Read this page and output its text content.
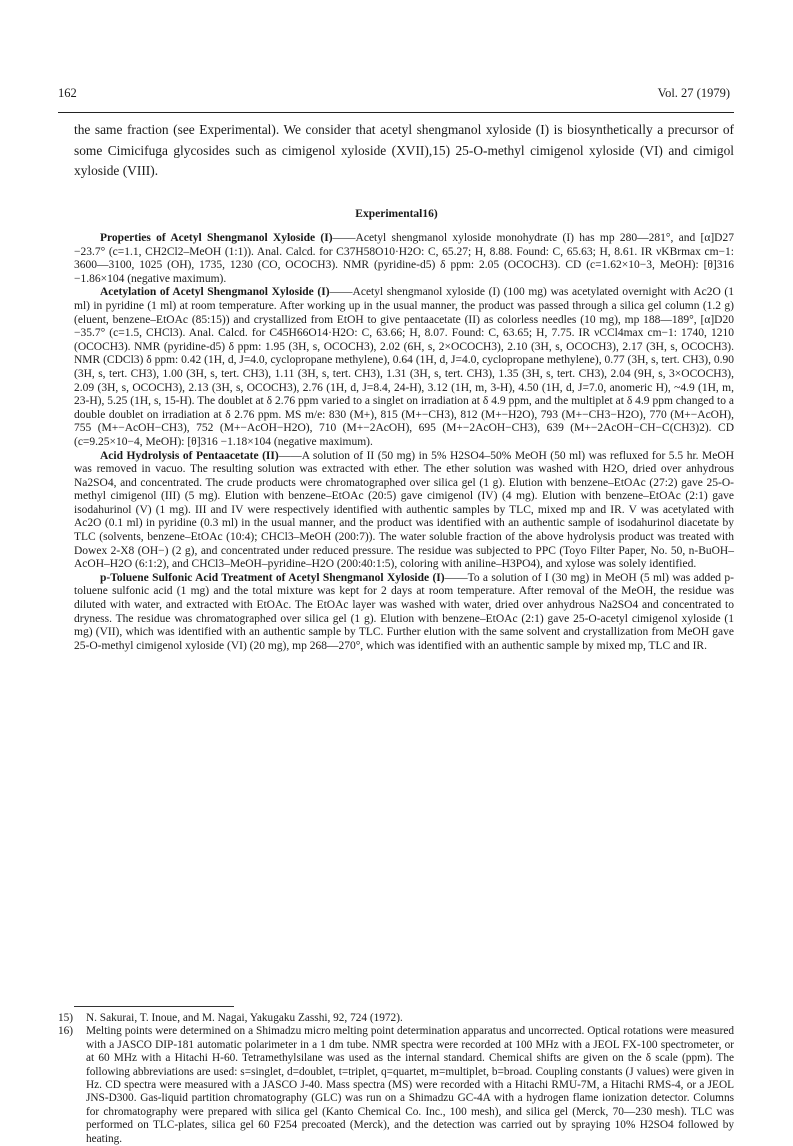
162	Vol. 27 (1979)

the same fraction (see Experimental). We consider that acetyl shengmanol xyloside (I) is biosynthetically a precursor of some Cimicifuga glycosides such as cimigenol xyloside (XVII),15) 25-O-methyl cimigenol xyloside (VI) and cimigol xyloside (VIII).

Experimental16)

Properties of Acetyl Shengmanol Xyloside (I)——Acetyl shengmanol xyloside monohydrate (I) has mp 280—281°, and [α]D27 −23.7° (c=1.1, CH2Cl2–MeOH (1:1)). Anal. Calcd. for C37H58O10·H2O: C, 65.27; H, 8.88. Found: C, 65.63; H, 8.61. IR νKBrmax cm−1: 3600—3100, 1025 (OH), 1735, 1230 (CO, OCOCH3). NMR (pyridine-d5) δ ppm: 2.05 (OCOCH3). CD (c=1.62×10−3, MeOH): [θ]316 −1.86×104 (negative maximum).

Acetylation of Acetyl Shengmanol Xyloside (I)——Acetyl shengmanol xyloside (I) (100 mg) was acetylated overnight with Ac2O (1 ml) in pyridine (1 ml) at room temperature. After working up in the usual manner, the product was passed through a silica gel column (1.2 g) (eluent, benzene–EtOAc (85:15)) and crystallized from EtOH to give pentaacetate (II) as colorless needles (10 mg), mp 188—189°, [α]D20 −35.7° (c=1.5, CHCl3). Anal. Calcd. for C45H66O14·H2O: C, 63.66; H, 8.07. Found: C, 63.65; H, 7.75. IR νCCl4max cm−1: 1740, 1210 (OCOCH3). NMR (pyridine-d5) δ ppm: 1.95 (3H, s, OCOCH3), 2.02 (6H, s, 2×OCOCH3), 2.10 (3H, s, OCOCH3), 2.17 (3H, s, OCOCH3). NMR (CDCl3) δ ppm: 0.42 (1H, d, J=4.0, cyclopropane methylene), 0.64 (1H, d, J=4.0, cyclopropane methylene), 0.77 (3H, s, tert. CH3), 0.90 (3H, s, tert. CH3), 1.00 (3H, s, tert. CH3), 1.11 (3H, s, tert. CH3), 1.31 (3H, s, tert. CH3), 1.35 (3H, s, tert. CH3), 2.04 (9H, s, 3×OCOCH3), 2.09 (3H, s, OCOCH3), 2.13 (3H, s, OCOCH3), 2.76 (1H, d, J=8.4, 24-H), 3.12 (1H, m, 3-H), 4.50 (1H, d, J=7.0, anomeric H), ~4.9 (1H, m, 23-H), 5.25 (1H, s, 15-H). The doublet at δ 2.76 ppm varied to a singlet on irradiation at δ 4.9 ppm, and the multiplet at δ 4.9 ppm changed to a double doublet on irradiation at δ 2.76 ppm. MS m/e: 830 (M+), 815 (M+−CH3), 812 (M+−H2O), 793 (M+−CH3−H2O), 770 (M+−AcOH), 755 (M+−AcOH−CH3), 752 (M+−AcOH−H2O), 710 (M+−2AcOH), 695 (M+−2AcOH−CH3), 639 (M+−2AcOH−CH−C(CH3)2). CD (c=9.25×10−4, MeOH): [θ]316 −1.18×104 (negative maximum).

Acid Hydrolysis of Pentaacetate (II)——A solution of II (50 mg) in 5% H2SO4–50% MeOH (50 ml) was refluxed for 5.5 hr. MeOH was removed in vacuo. The resulting solution was extracted with ether. The ether solution was washed with H2O, dried over anhydrous Na2SO4, and concentrated. The crude products were chromatographed over silica gel (1 g). Elution with benzene–EtOAc (27:2) gave 25-O-methyl cimigenol (III) (5 mg). Elution with benzene–EtOAc (20:5) gave cimigenol (IV) (4 mg). Elution with benzene–EtOAc (2:1) gave isodahurinol (V) (1 mg). III and IV were respectively identified with authentic samples by TLC, mixed mp and IR. V was acetylated with Ac2O (0.1 ml) in pyridine (0.3 ml) in the usual manner, and the product was identified with an authentic sample of isodahurinol diacetate by TLC (solvents, benzene–EtOAc (10:4); CHCl3–MeOH (200:7)). The water soluble fraction of the above hydrolysis product was treated with Dowex 2-X8 (OH−) (2 g), and concentrated under reduced pressure. The residue was subjected to PPC (Toyo Filter Paper, No. 50, n-BuOH–AcOH–H2O (6:1:2), and CHCl3–MeOH–pyridine–H2O (200:40:1:5), coloring with aniline–H3PO4), and xylose was solely identified.

p-Toluene Sulfonic Acid Treatment of Acetyl Shengmanol Xyloside (I)——To a solution of I (30 mg) in MeOH (5 ml) was added p-toluene sulfonic acid (1 mg) and the total mixture was kept for 2 days at room temperature. After removal of the MeOH, the residue was diluted with water, and extracted with EtOAc. The EtOAc layer was washed with water, dried over anhydrous Na2SO4 and concentrated to dryness. The residue was chromatographed over silica gel (1 g). Elution with benzene–EtOAc (2:1) gave 25-O-acetyl cimigenol xyloside (1 mg) (VII), which was identified with an authentic sample by TLC. Further elution with the same solvent and crystallization from MeOH gave 25-O-methyl cimigenol xyloside (VI) (20 mg), mp 268—270°, which was identified with an authentic sample by mixed mp, TLC and IR.

15)	N. Sakurai, T. Inoue, and M. Nagai, Yakugaku Zasshi, 92, 724 (1972).
16)	Melting points were determined on a Shimadzu micro melting point determination apparatus and uncorrected. Optical rotations were measured with a JASCO DIP-181 automatic polarimeter in a 1 dm tube. NMR spectra were recorded at 100 MHz with a JEOL FX-100 spectrometer, or at 60 MHz with a Hitachi H-60. Tetramethylsilane was used as the internal standard. Chemical shifts are given on the δ scale (ppm). The following abbreviations are used: s=singlet, d=doublet, t=triplet, q=quartet, m=multiplet, b=broad. Coupling constants (J values) were given in Hz. CD spectra were measured with a JASCO J-40. Mass spectra (MS) were recorded with a Hitachi RMU-7M, a Hitachi RMS-4, or a JEOL JNS-D300. Gas-liquid partition chromatography (GLC) was run on a Shimadzu GC-4A with a hydrogen flame ionization detector. Columns for chromatography were prepared with silica gel (Kanto Chemical Co. Inc., 100 mesh), and silica gel (Merck, 70—230 mesh). TLC was performed on TLC-plates, silica gel 60 F254 precoated (Merck), and the detection was carried out by spraying 10% H2SO4 followed by heating.
